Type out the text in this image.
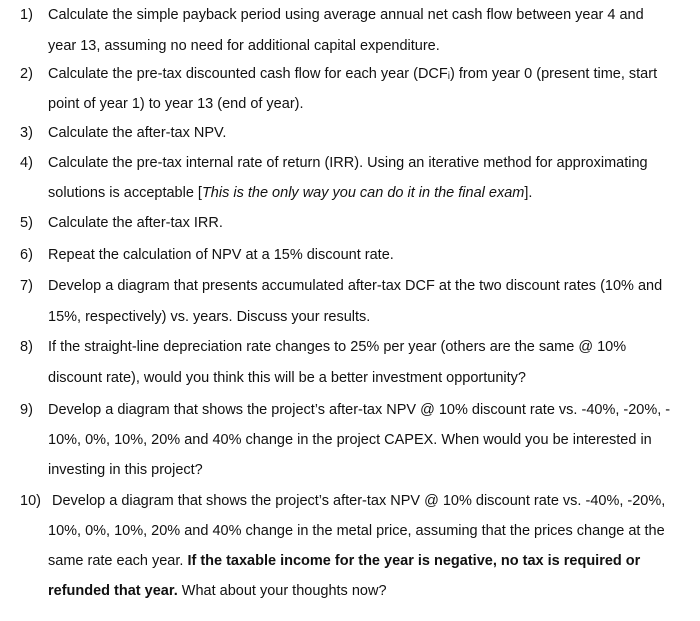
1) Calculate the simple payback period using average annual net cash flow between year 4 and
year 13, assuming no need for additional capital expenditure.
2) Calculate the pre-tax discounted cash flow for each year (DCFᵢ) from year 0 (present time, start
point of year 1) to year 13 (end of year).
3) Calculate the after-tax NPV.
4) Calculate the pre-tax internal rate of return (IRR). Using an iterative method for approximating
solutions is acceptable [This is the only way you can do it in the final exam].
5) Calculate the after-tax IRR.
6) Repeat the calculation of NPV at a 15% discount rate.
7) Develop a diagram that presents accumulated after-tax DCF at the two discount rates (10% and
15%, respectively) vs. years. Discuss your results.
8) If the straight-line depreciation rate changes to 25% per year (others are the same @ 10%
discount rate), would you think this will be a better investment opportunity?
9) Develop a diagram that shows the project’s after-tax NPV @ 10% discount rate vs. -40%, -20%, -
10%, 0%, 10%, 20% and 40% change in the project CAPEX. When would you be interested in
investing in this project?
10) Develop a diagram that shows the project’s after-tax NPV @ 10% discount rate vs. -40%, -20%,
10%, 0%, 10%, 20% and 40% change in the metal price, assuming that the prices change at the
same rate each year. If the taxable income for the year is negative, no tax is required or
refunded that year. What about your thoughts now?
